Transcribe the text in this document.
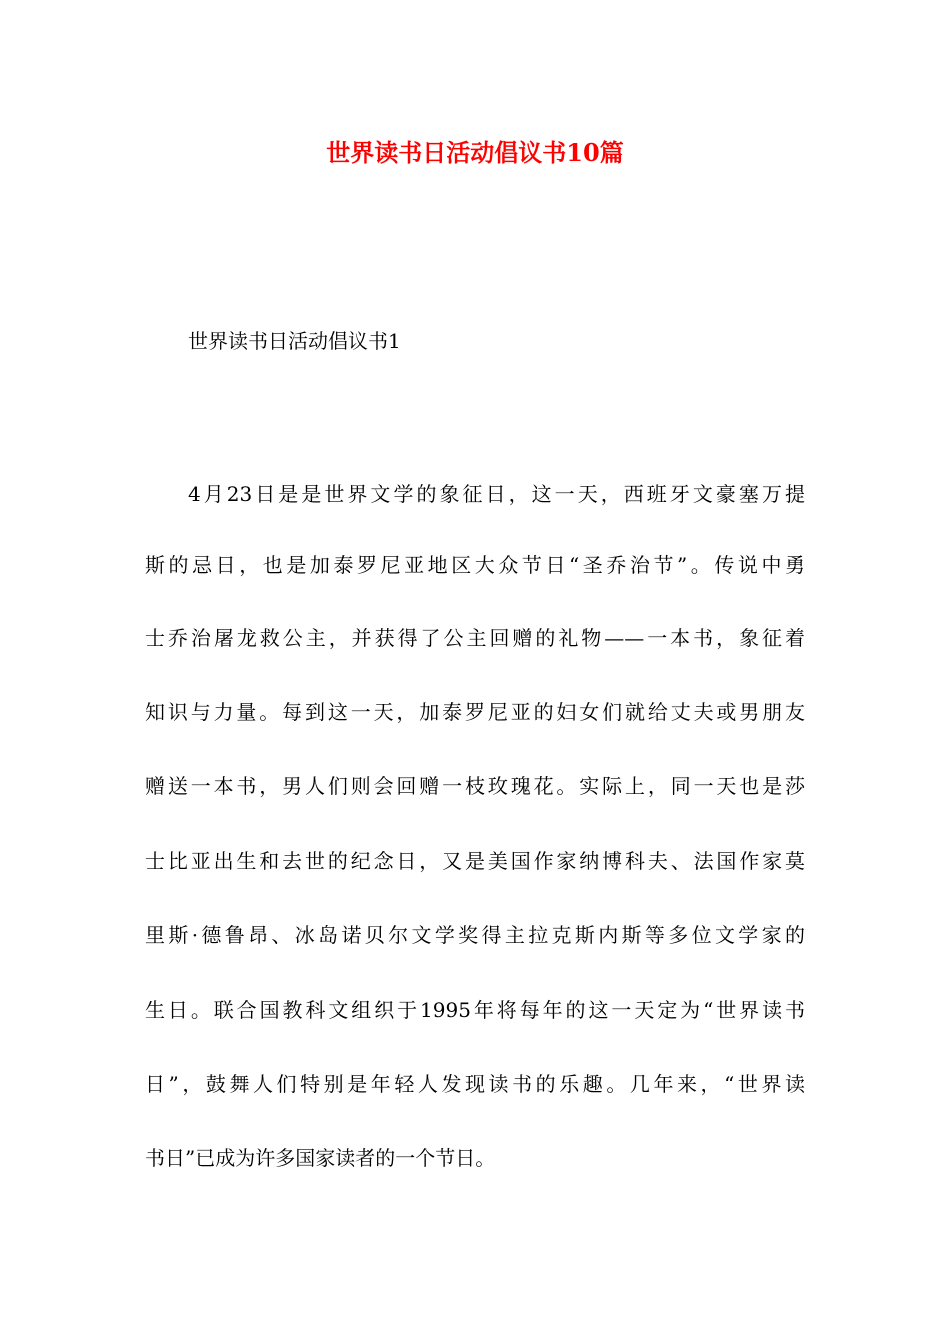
世界读书日活动倡议书10篇

世界读书日活动倡议书1

4月23日是是世界文学的象征日，这一天，西班牙文豪塞万提
斯的忌日，也是加泰罗尼亚地区大众节日“圣乔治节”。传说中勇
士乔治屠龙救公主，并获得了公主回赠的礼物——一本书，象征着
知识与力量。每到这一天，加泰罗尼亚的妇女们就给丈夫或男朋友
赠送一本书，男人们则会回赠一枝玫瑰花。实际上，同一天也是莎
士比亚出生和去世的纪念日，又是美国作家纳博科夫、法国作家莫
里斯·德鲁昂、冰岛诺贝尔文学奖得主拉克斯内斯等多位文学家的
生日。联合国教科文组织于1995年将每年的这一天定为“世界读书
日”，鼓舞人们特别是年轻人发现读书的乐趣。几年来，“世界读
书日”已成为许多国家读者的一个节日。
